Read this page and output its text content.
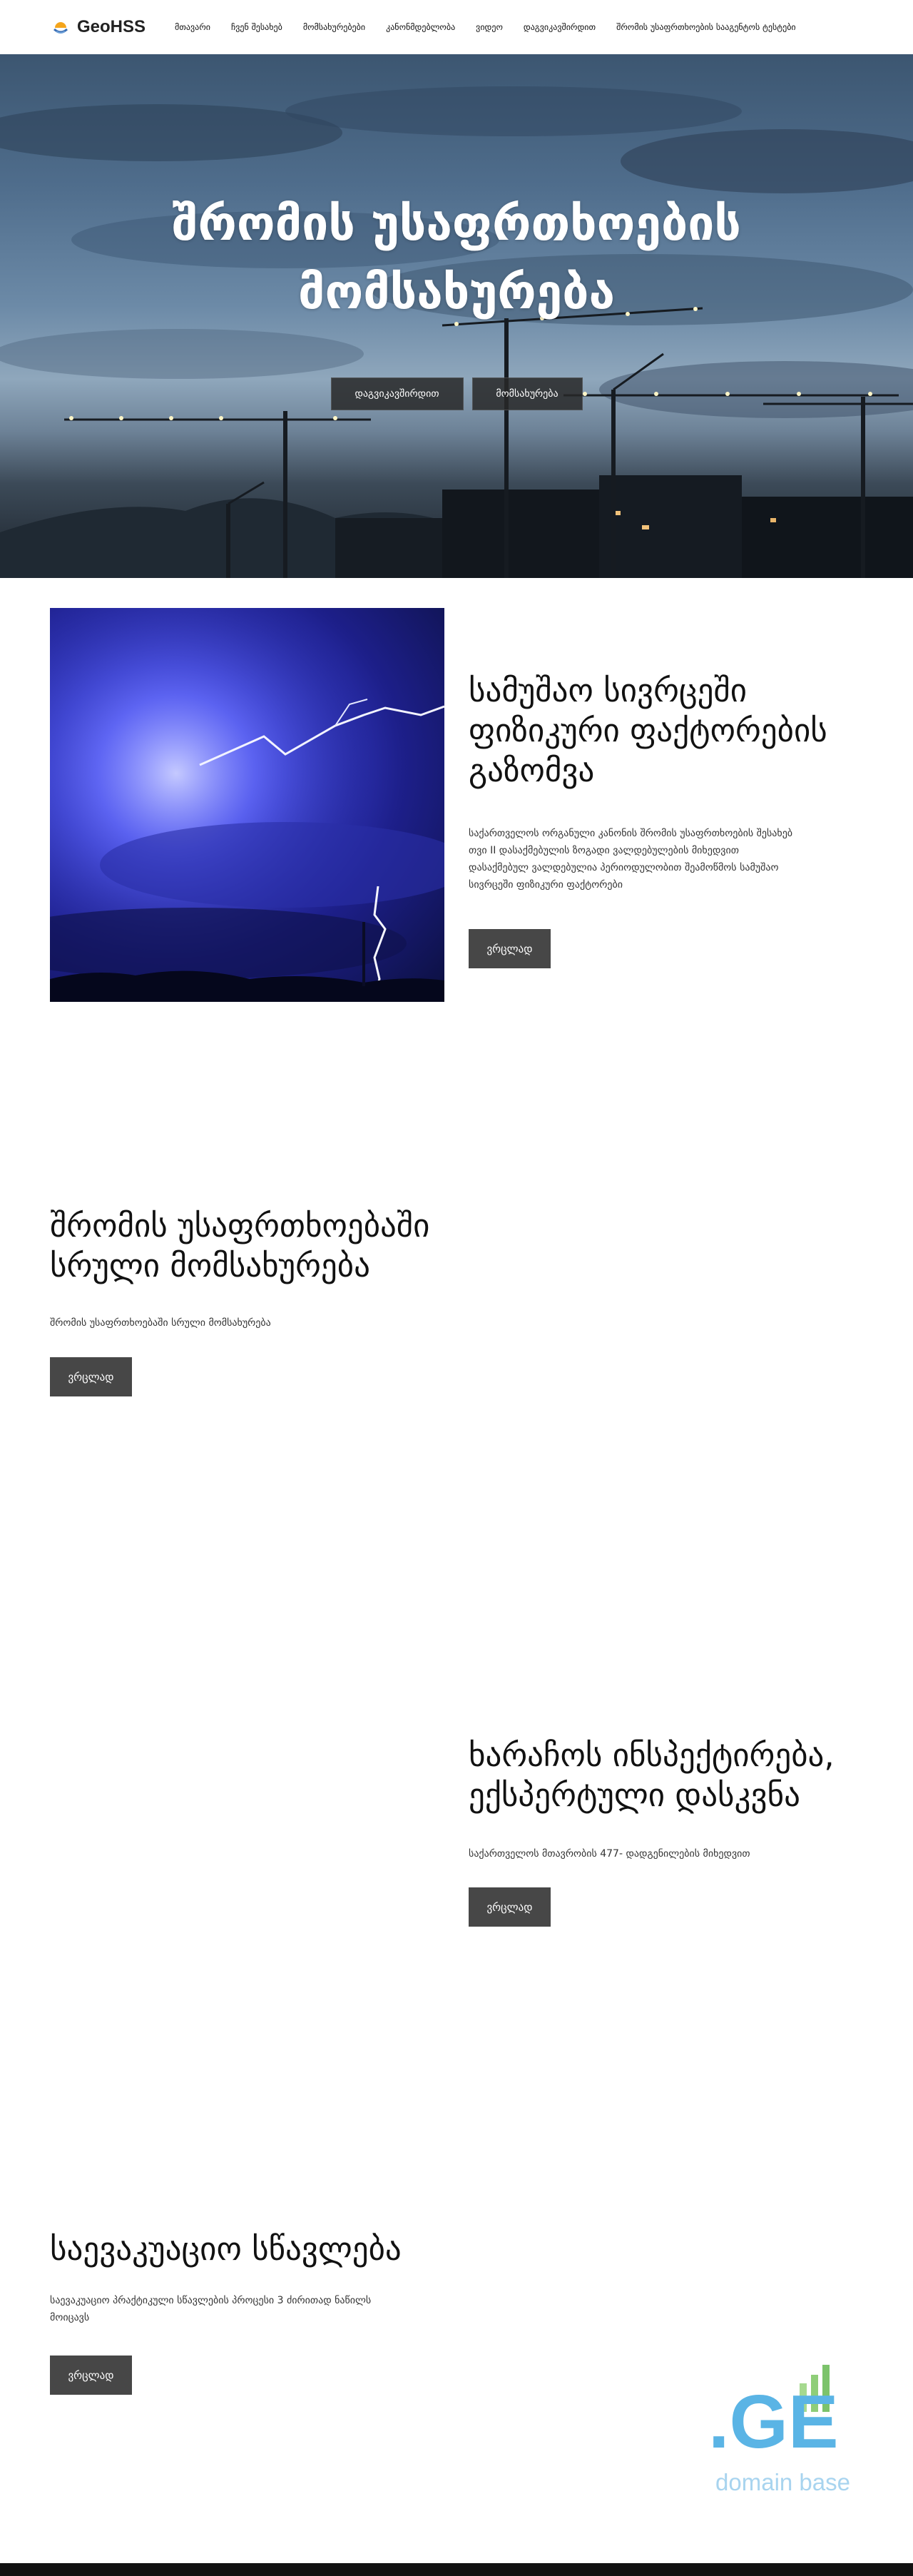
GeoHSS	მთავარი ჩვენ შესახებ მომსახურებები კანონმდებლობა ვიდეო დაგვიკავშირდით შრომის უსაფრთხოების სააგენტოს ტესტები
შრომის უსაფრთხოების
მომსახურება
დაგვიკავშირდით	მომსახურება
სამუშაო სივრცეში
ფიზიკური ფაქტორების
გაზომვა

საქართველოს ორგანული კანონის შრომის უსაფრთხოების შესახებ
თვი II დასაქმებულის ზოგადი ვალდებულების მიხედვით
დასაქმებულ ვალდებულია პერიოდულობით შეამოწმოს სამუშაო
სივრცეში ფიზიკური ფაქტორები

ვრცლად
შრომის უსაფრთხოებაში
სრული მომსახურება

შრომის უსაფრთხოებაში სრული მომსახურება

ვრცლად
ხარაჩოს ინსპექტირება,
ექსპერტული დასკვნა

საქართველოს მთავრობის 477- დადგენილების მიხედვით

ვრცლად
საევაკუაციო სწავლება

საევაკუაციო პრაქტიკული სწავლების პროცესი 3 ძირითად ნაწილს
მოიცავს

ვრცლად
.GE
domain base
